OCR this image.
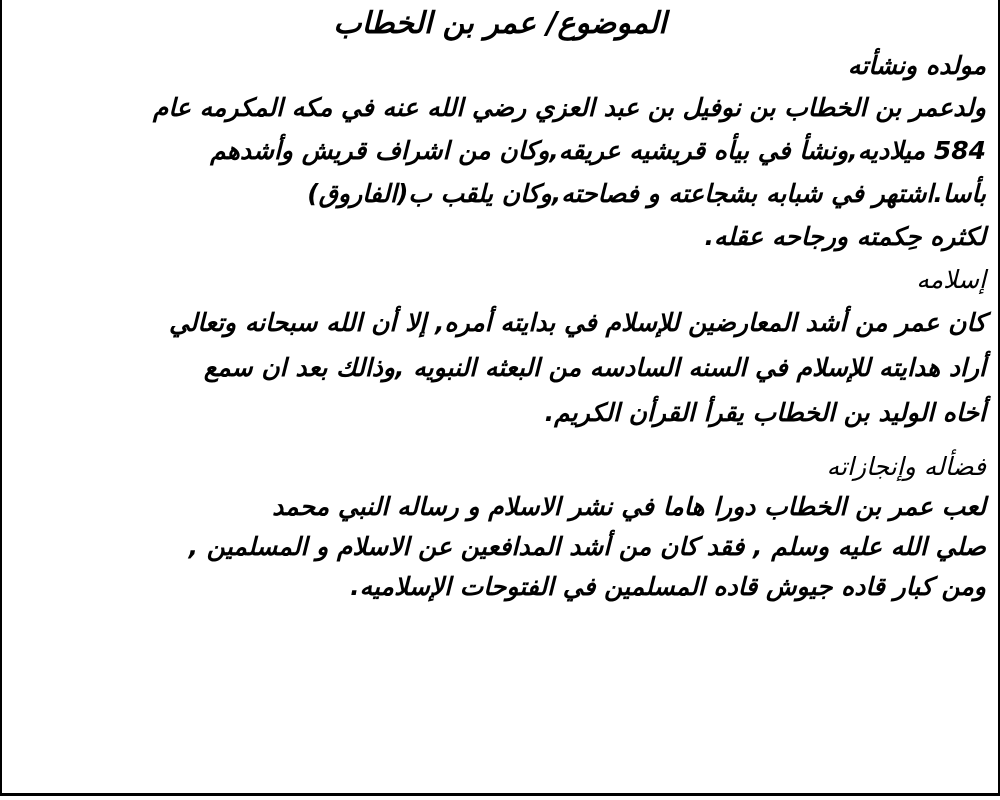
الموضوع/ عمر بن الخطاب
مولده ونشأته
ولدعمر بن الخطاب بن نوفيل بن عبد العزي رضي الله عنه في مكه المكرمه عام
584 ميلاديه,ونشأ في بيأه قريشيه عريقه,وكان من اشراف قريش وأشدهم
بأسا.اشتهر في شبابه بشجاعته و فصاحته,وكان يلقب ب(الفاروق)
لكثره حِكمته ورجاحه عقله.
إسلامه
كان عمر من أشد المعارضين للإسلام في بدايته أمره, إلا أن الله سبحانه وتعالي
أراد هدايته للإسلام في السنه السادسه من البعثه النبويه ,وذالك بعد ان سمع
أخاه الوليد بن الخطاب يقرأ القرأن الكريم.
فضأله وإنجازاته
لعب عمر بن الخطاب دورا هاما في نشر الاسلام و رساله النبي محمد
صلي الله عليه وسلم , فقد كان من أشد المدافعين عن الاسلام و المسلمين ,
ومن كبار قاده جيوش قاده المسلمين في الفتوحات الإسلاميه.
